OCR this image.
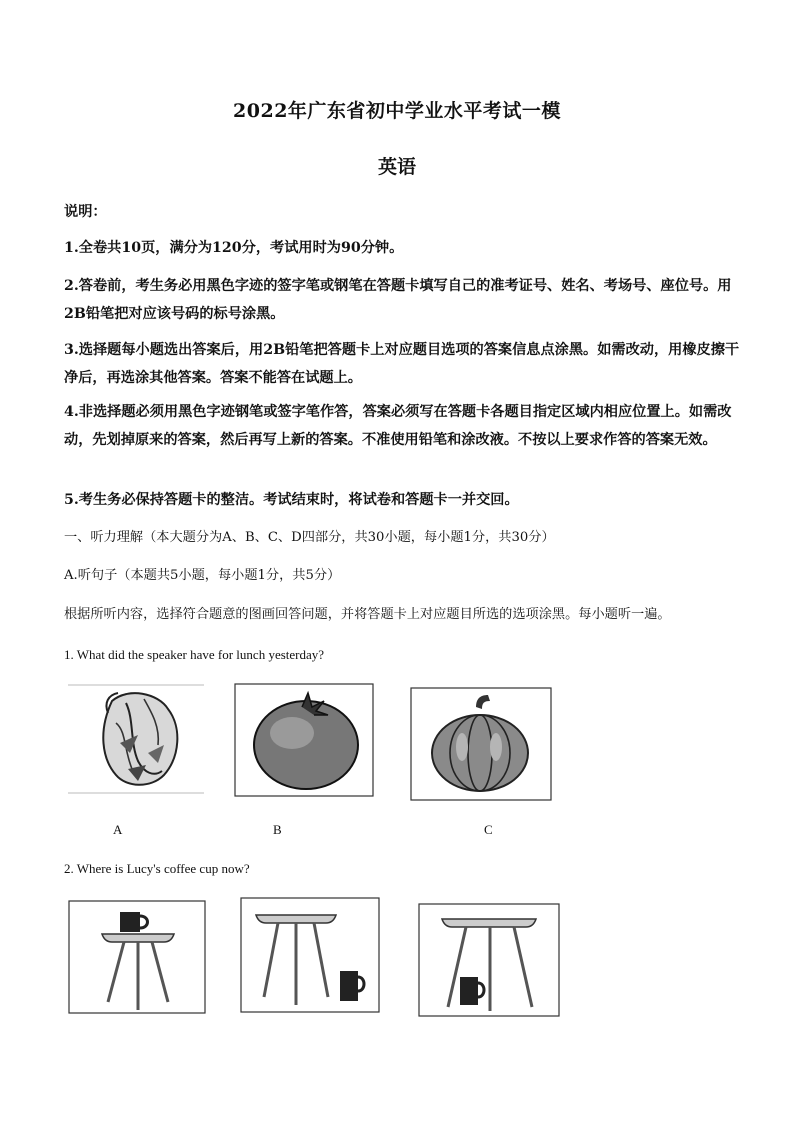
2022年广东省初中学业水平考试一模
英语
说明：
1.全卷共10页，满分为120分，考试用时为90分钟。
2.答卷前，考生务必用黑色字迹的签字笔或钢笔在答题卡填写自己的准考证号、姓名、考场号、座位号。用2B铅笔把对应该号码的标号涂黑。
3.选择题每小题选出答案后，用2B铅笔把答题卡上对应题目选项的答案信息点涂黑。如需改动，用橡皮擦干净后，再选涂其他答案。答案不能答在试题上。
4.非选择题必须用黑色字迹钢笔或签字笔作答，答案必须写在答题卡各题目指定区域内相应位置上。如需改动，先划掉原来的答案，然后再写上新的答案。不准使用铅笔和涂改液。不按以上要求作答的答案无效。
5.考生务必保持答题卡的整洁。考试结束时，将试卷和答题卡一并交回。
一、听力理解（本大题分为A、B、C、D四部分，共30小题，每小题1分，共30分）
A.听句子（本题共5小题，每小题1分，共5分）
根据所听内容，选择符合题意的图画回答问题，并将答题卡上对应题目所选的选项涂黑。每小题听一遍。
1. What did the speaker have for lunch yesterday?
A	B	C
2. Where is Lucy's coffee cup now?
